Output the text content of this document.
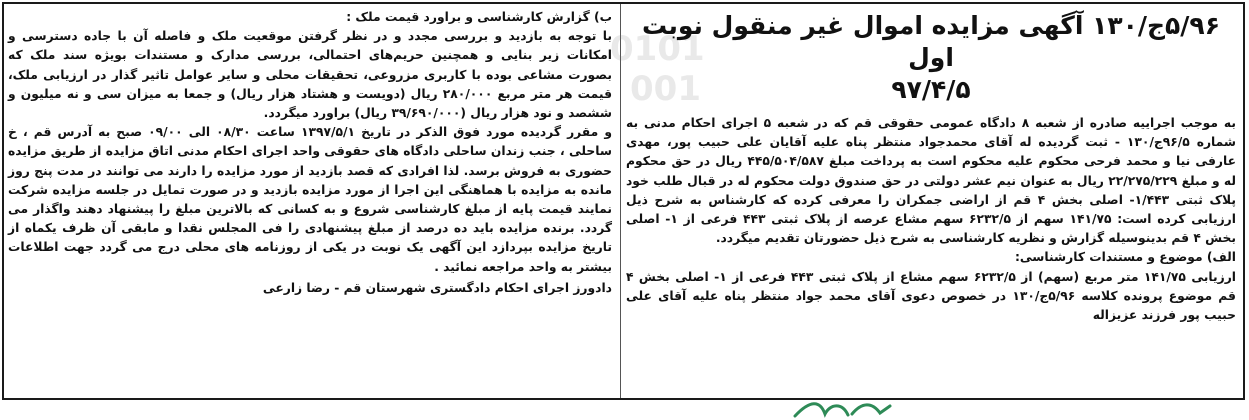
0101
001
۵/۹۶ج/۱۳۰ آگهی مزایده اموال غیر منقول نوبت اول
۹۷/۴/۵

به موجب اجراییه صادره از شعبه ۸ دادگاه عمومی حقوقی قم که در شعبه ۵ اجرای احکام مدنی به شماره ۹۶/۵ج/۱۳۰ - ثبت گردیده له آقای محمدجواد منتظر پناه علیه آقایان علی حبیب پور، مهدی عارفی نیا و محمد فرحی محکوم علیه محکوم است به پرداخت مبلغ ۴۴۵/۵۰۴/۵۸۷ ریال در حق محکوم له و مبلغ ۲۲/۲۷۵/۲۲۹ ریال به عنوان نیم عشر دولتی در حق صندوق دولت محکوم له در قبال طلب خود پلاک ثبتی ۱/۴۴۳- اصلی بخش ۴ قم از اراضی جمکران را معرفی کرده که کارشناس به شرح ذیل ارزیابی کرده است: ۱۴۱/۷۵ سهم از ۶۲۳۲/۵ سهم مشاع عرصه از پلاک ثبتی ۴۴۳ فرعی از ۱- اصلی بخش ۴ قم بدینوسیله گزارش و نظریه کارشناسی به شرح ذیل حضورتان تقدیم میگردد.

الف) موضوع و مستندات کارشناسی:

ارزیابی ۱۴۱/۷۵ متر مربع (سهم) از ۶۲۳۲/۵ سهم مشاع از پلاک ثبتی ۴۴۳ فرعی از ۱- اصلی بخش ۴ قم موضوع پرونده کلاسه ۵/۹۶ج/۱۳۰ در خصوص دعوی آقای محمد جواد منتظر پناه علیه آقای علی حبیب پور فرزند عزیزاله

ب) گزارش کارشناسی و براورد قیمت ملک :

با توجه به بازدید و بررسی مجدد و در نظر گرفتن موقعیت ملک و فاصله آن با جاده دسترسی و امکانات زیر بنایی و همچنین حریم‌های احتمالی، بررسی مدارک و مستندات بویژه سند ملک که بصورت مشاعی بوده با کاربری مزروعی، تحقیقات محلی و سایر عوامل تاثیر گذار در ارزیابی ملک، قیمت هر متر مربع ۲۸۰/۰۰۰ ریال (دویست و هشتاد هزار ریال) و جمعا به میزان سی و نه میلیون و ششصد و نود هزار ریال (۳۹/۶۹۰/۰۰۰ ریال) براورد میگردد.

و مقرر گردیده مورد فوق الذکر در تاریخ ۱۳۹۷/۵/۱ ساعت ۰۸/۳۰ الی ۰۹/۰۰ صبح به آدرس قم ، خ ساحلی ، جنب زندان ساحلی دادگاه های حقوقی واحد اجرای احکام مدنی اتاق مزایده از طریق مزایده حضوری به فروش برسد. لذا افرادی که قصد بازدید از مورد مزایده را دارند می توانند در مدت پنج روز مانده به مزایده با هماهنگی این اجرا از مورد مزایده بازدید و در صورت تمایل در جلسه مزایده شرکت نمایند قیمت پایه از مبلغ کارشناسی شروع و به کسانی که بالاترین مبلغ را پیشنهاد دهند واگذار می گردد. برنده مزایده باید ده درصد از مبلغ پیشنهادی را فی المجلس نقدا و مابقی آن ظرف یکماه از تاریخ مزایده بپردازد این آگهی یک نوبت در یکی از روزنامه های محلی درج می گردد جهت اطلاعات بیشتر به واحد مراجعه نمائید .

دادورز اجرای احکام دادگستری شهرستان قم - رضا زارعی
